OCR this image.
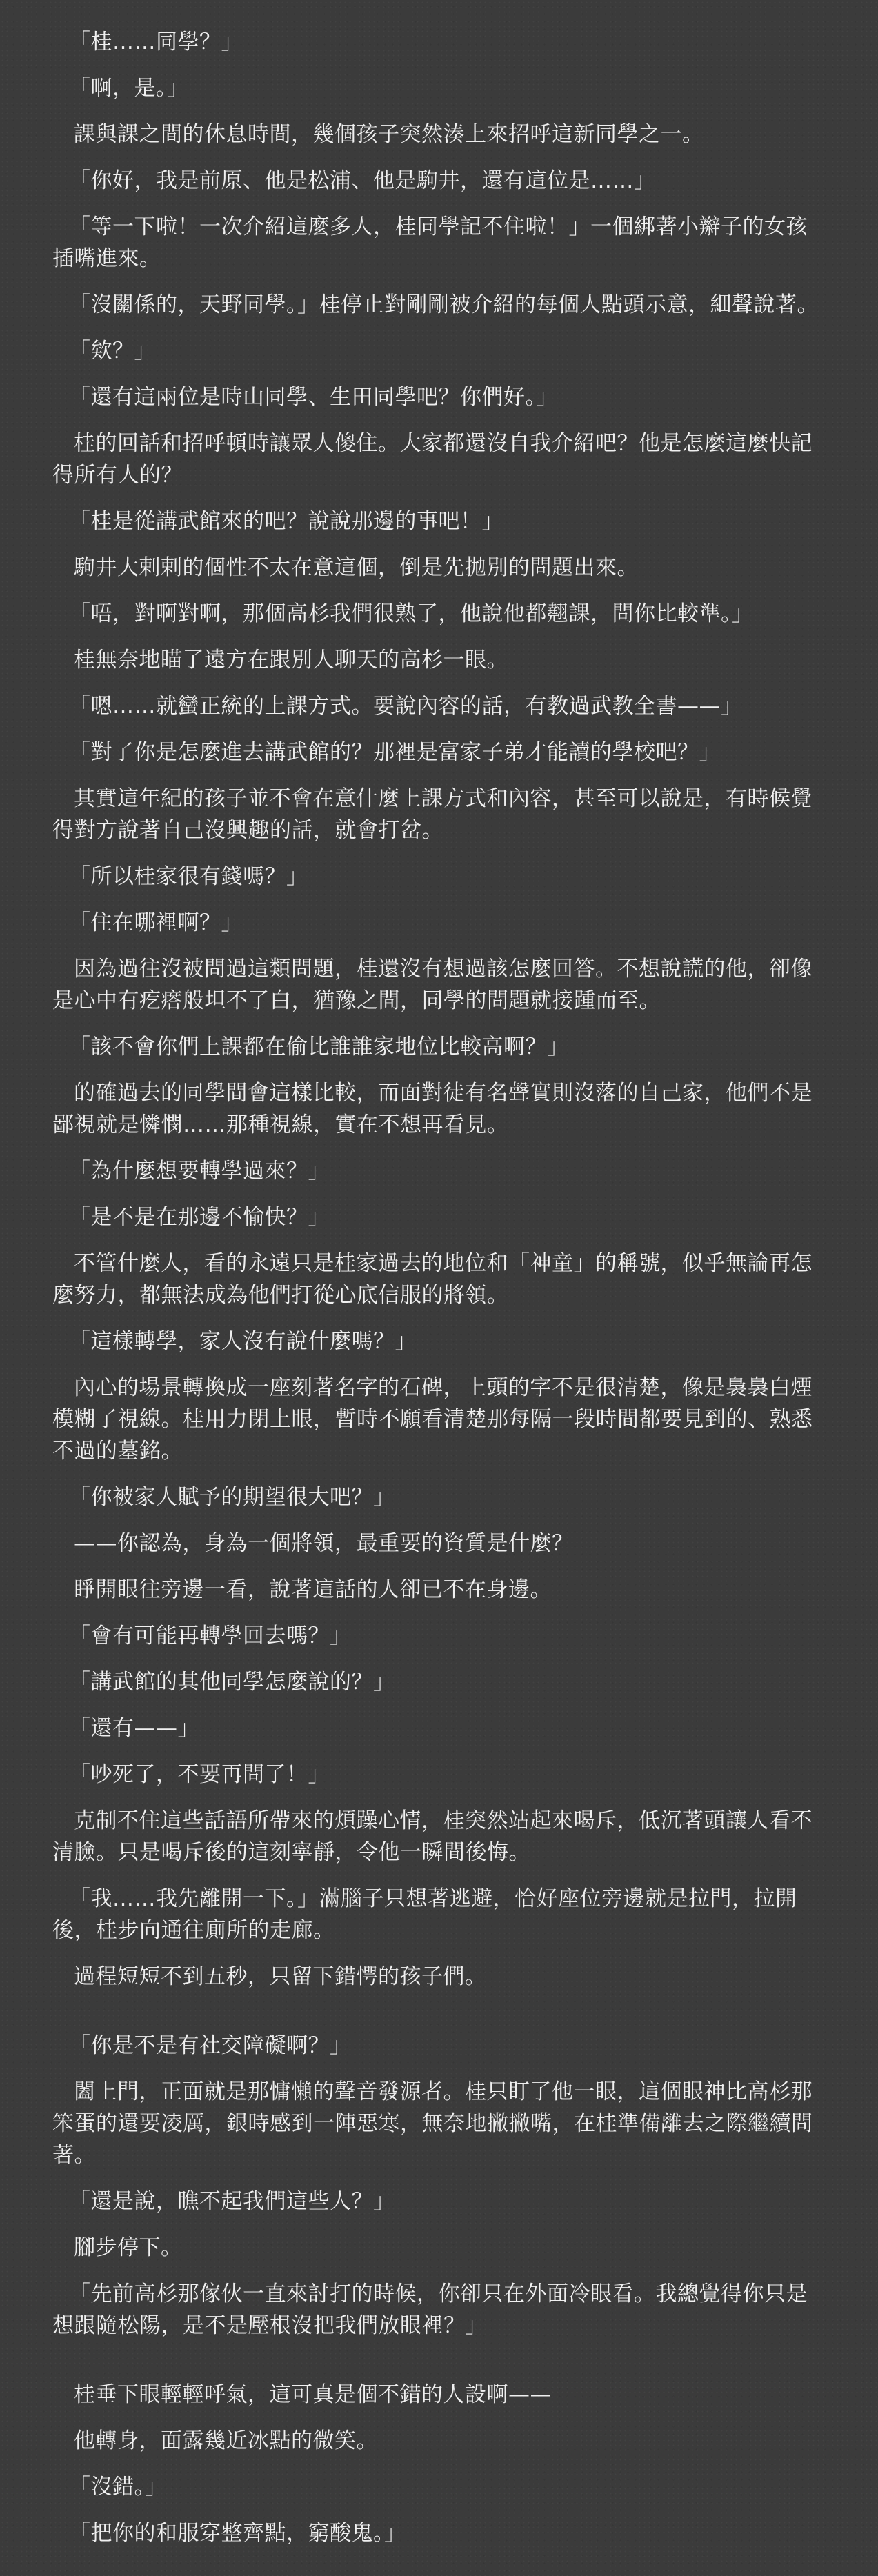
「桂……同學？」

「啊，是。」

課與課之間的休息時間，幾個孩子突然湊上來招呼這新同學之一。

「你好，我是前原、他是松浦、他是駒井，還有這位是……」

「等一下啦！一次介紹這麼多人，桂同學記不住啦！」一個綁著小辮子的女孩插嘴進來。

「沒關係的，天野同學。」桂停止對剛剛被介紹的每個人點頭示意，細聲說著。

「欸？」

「還有這兩位是時山同學、生田同學吧？你們好。」

桂的回話和招呼頓時讓眾人傻住。大家都還沒自我介紹吧？他是怎麼這麼快記得所有人的？

「桂是從講武館來的吧？說說那邊的事吧！」

駒井大剌剌的個性不太在意這個，倒是先拋別的問題出來。

「唔，對啊對啊，那個高杉我們很熟了，他說他都翹課，問你比較準。」

桂無奈地瞄了遠方在跟別人聊天的高杉一眼。

「嗯……就蠻正統的上課方式。要說內容的話，有教過武教全書——」

「對了你是怎麼進去講武館的？那裡是富家子弟才能讀的學校吧？」

其實這年紀的孩子並不會在意什麼上課方式和內容，甚至可以說是，有時候覺得對方說著自己沒興趣的話，就會打岔。

「所以桂家很有錢嗎？」

「住在哪裡啊？」

因為過往沒被問過這類問題，桂還沒有想過該怎麼回答。不想說謊的他，卻像是心中有疙瘩般坦不了白，猶豫之間，同學的問題就接踵而至。

「該不會你們上課都在偷比誰誰家地位比較高啊？」

的確過去的同學間會這樣比較，而面對徒有名聲實則沒落的自己家，他們不是鄙視就是憐憫……那種視線，實在不想再看見。

「為什麼想要轉學過來？」

「是不是在那邊不愉快？」

不管什麼人，看的永遠只是桂家過去的地位和「神童」的稱號，似乎無論再怎麼努力，都無法成為他們打從心底信服的將領。

「這樣轉學，家人沒有說什麼嗎？」

內心的場景轉換成一座刻著名字的石碑，上頭的字不是很清楚，像是裊裊白煙模糊了視線。桂用力閉上眼，暫時不願看清楚那每隔一段時間都要見到的、熟悉不過的墓銘。

「你被家人賦予的期望很大吧？」

——你認為，身為一個將領，最重要的資質是什麼？

睜開眼往旁邊一看，說著這話的人卻已不在身邊。

「會有可能再轉學回去嗎？」

「講武館的其他同學怎麼說的？」

「還有——」

「吵死了，不要再問了！」

克制不住這些話語所帶來的煩躁心情，桂突然站起來喝斥，低沉著頭讓人看不清臉。只是喝斥後的這刻寧靜，令他一瞬間後悔。

「我……我先離開一下。」滿腦子只想著逃避，恰好座位旁邊就是拉門，拉開後，桂步向通往廁所的走廊。

過程短短不到五秒，只留下錯愕的孩子們。

「你是不是有社交障礙啊？」

闔上門，正面就是那慵懶的聲音發源者。桂只盯了他一眼，這個眼神比高杉那笨蛋的還要凌厲，銀時感到一陣惡寒，無奈地撇撇嘴，在桂準備離去之際繼續問著。

「還是說，瞧不起我們這些人？」

腳步停下。

「先前高杉那傢伙一直來討打的時候，你卻只在外面冷眼看。我總覺得你只是想跟隨松陽，是不是壓根沒把我們放眼裡？」

桂垂下眼輕輕呼氣，這可真是個不錯的人設啊——

他轉身，面露幾近冰點的微笑。

「沒錯。」

「把你的和服穿整齊點，窮酸鬼。」
